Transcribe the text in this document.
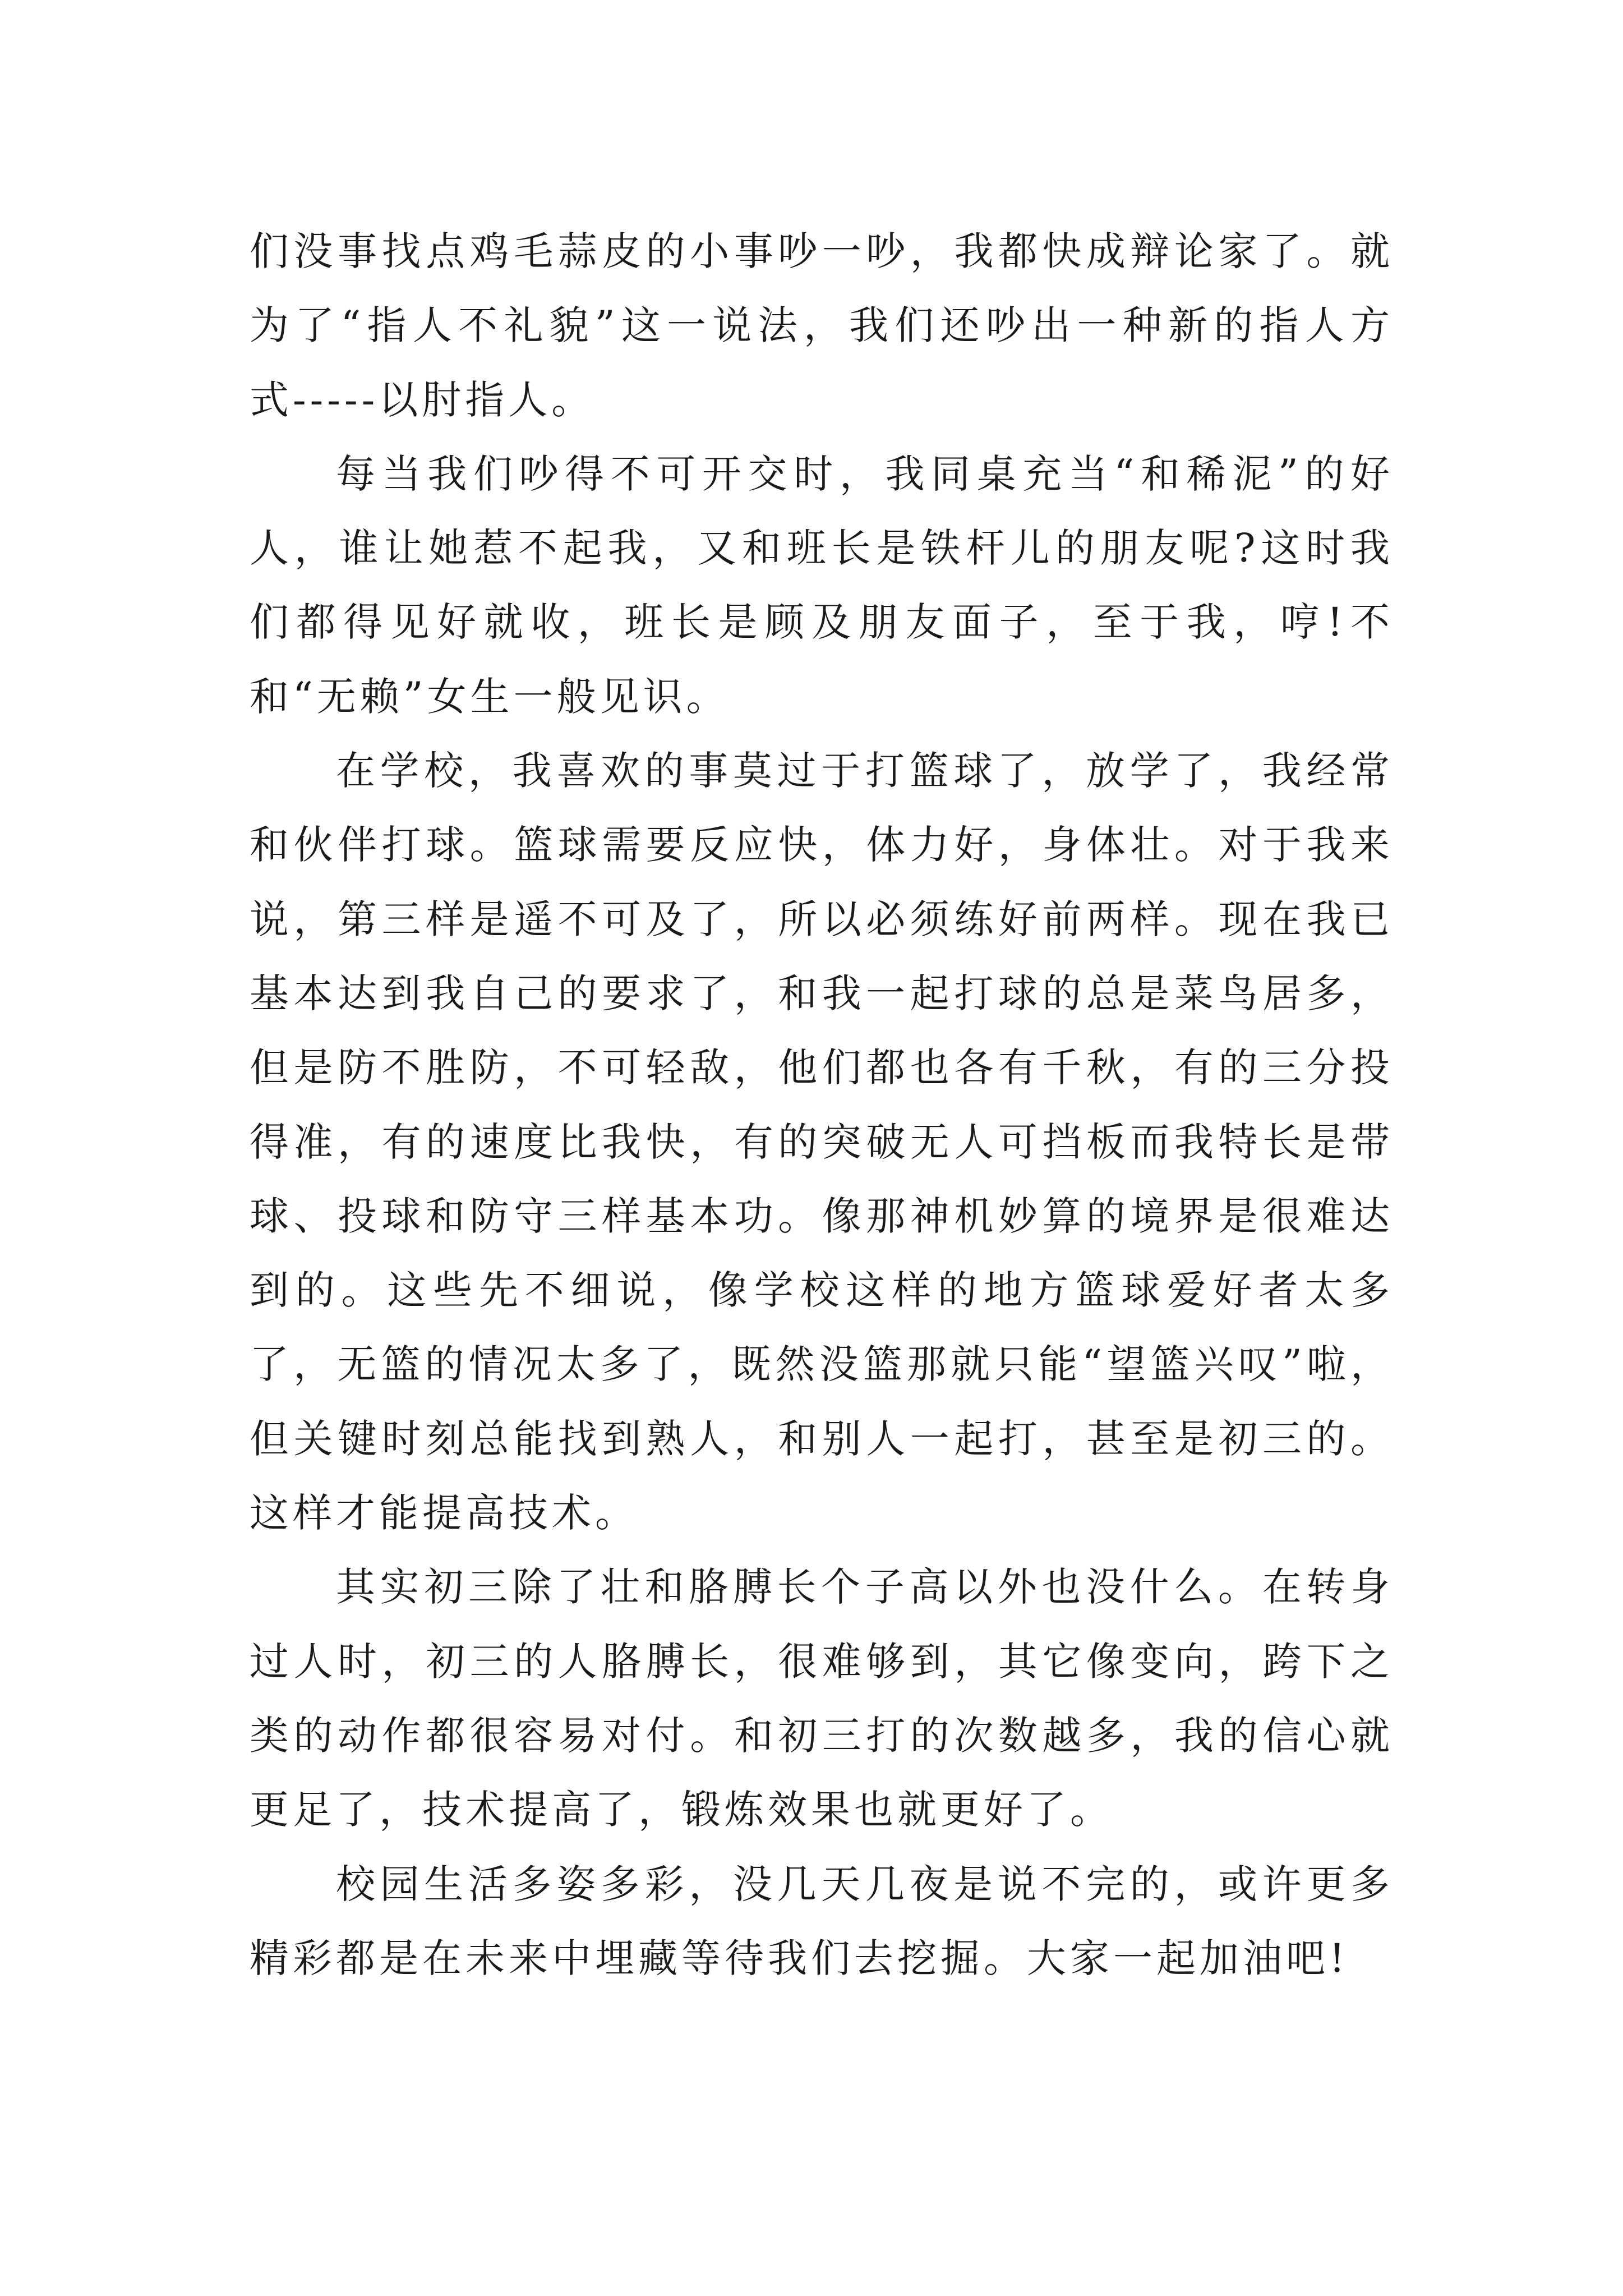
们没事找点鸡毛蒜皮的小事吵一吵，我都快成辩论家了。就为了“指人不礼貌”这一说法，我们还吵出一种新的指人方式-----以肘指人。

每当我们吵得不可开交时，我同桌充当“和稀泥”的好人，谁让她惹不起我，又和班长是铁杆儿的朋友呢?这时我们都得见好就收，班长是顾及朋友面子，至于我，哼!不和“无赖”女生一般见识。

在学校，我喜欢的事莫过于打篮球了，放学了，我经常和伙伴打球。篮球需要反应快，体力好，身体壮。对于我来说，第三样是遥不可及了，所以必须练好前两样。现在我已基本达到我自己的要求了，和我一起打球的总是菜鸟居多，但是防不胜防，不可轻敌，他们都也各有千秋，有的三分投得准，有的速度比我快，有的突破无人可挡板而我特长是带球、投球和防守三样基本功。像那神机妙算的境界是很难达到的。这些先不细说，像学校这样的地方篮球爱好者太多了，无篮的情况太多了，既然没篮那就只能“望篮兴叹”啦，但关键时刻总能找到熟人，和别人一起打，甚至是初三的。这样才能提高技术。

其实初三除了壮和胳膊长个子高以外也没什么。在转身过人时，初三的人胳膊长，很难够到，其它像变向，跨下之类的动作都很容易对付。和初三打的次数越多，我的信心就更足了，技术提高了，锻炼效果也就更好了。

校园生活多姿多彩，没几天几夜是说不完的，或许更多精彩都是在未来中埋藏等待我们去挖掘。大家一起加油吧!
